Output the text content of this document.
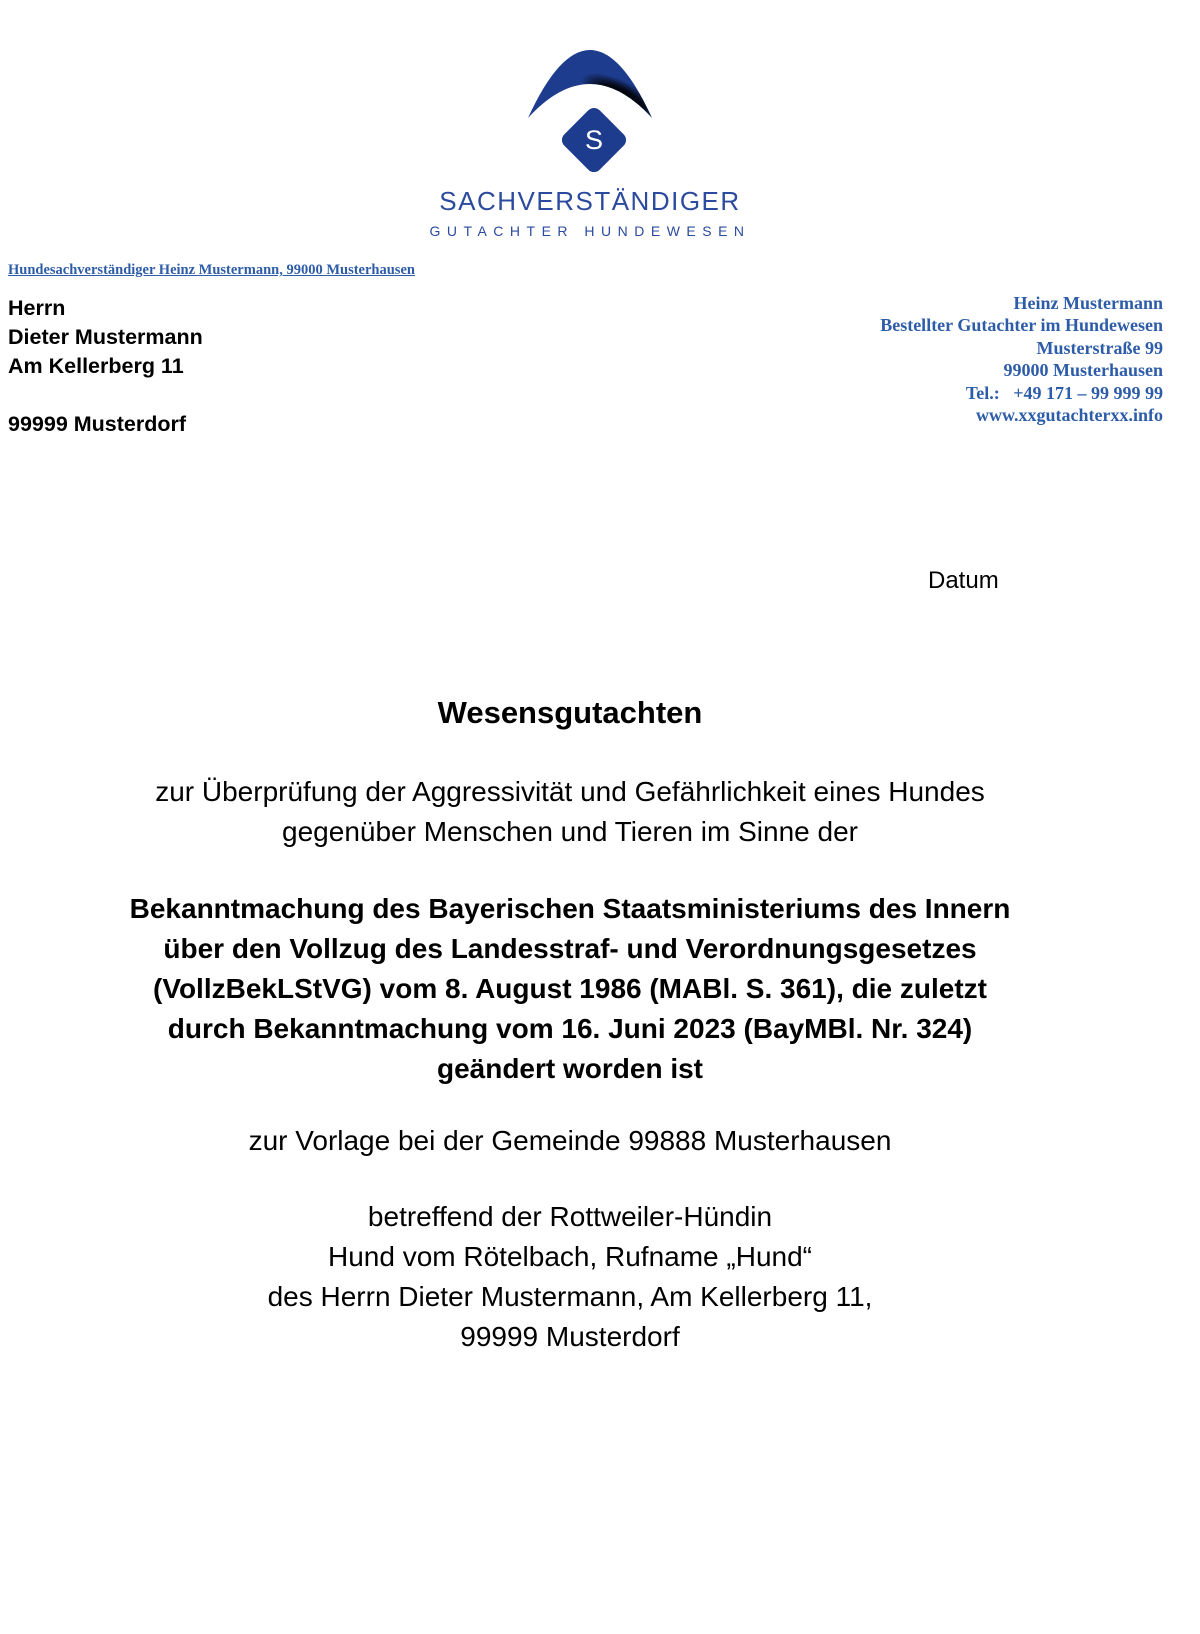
S
SACHVERSTÄNDIGER
GUTACHTER HUNDEWESEN
Hundesachverständiger Heinz Mustermann, 99000 Musterhausen
Herrn
Dieter Mustermann
Am Kellerberg 11
99999 Musterdorf
Heinz Mustermann
Bestellter Gutachter im Hundewesen
Musterstraße 99
99000 Musterhausen
Tel.:   +49 171 – 99 999 99
www.xxgutachterxx.info
Datum
Wesensgutachten
zur Überprüfung der Aggressivität und Gefährlichkeit eines Hundes
gegenüber Menschen und Tieren im Sinne der
Bekanntmachung des Bayerischen Staatsministeriums des Innern
über den Vollzug des Landesstraf- und Verordnungsgesetzes
(VollzBekLStVG) vom 8. August 1986 (MABl. S. 361), die zuletzt
durch Bekanntmachung vom 16. Juni 2023 (BayMBl. Nr. 324)
geändert worden ist
zur Vorlage bei der Gemeinde 99888 Musterhausen
betreffend der Rottweiler-Hündin
Hund vom Rötelbach, Rufname „Hund“
des Herrn Dieter Mustermann, Am Kellerberg 11,
99999 Musterdorf
